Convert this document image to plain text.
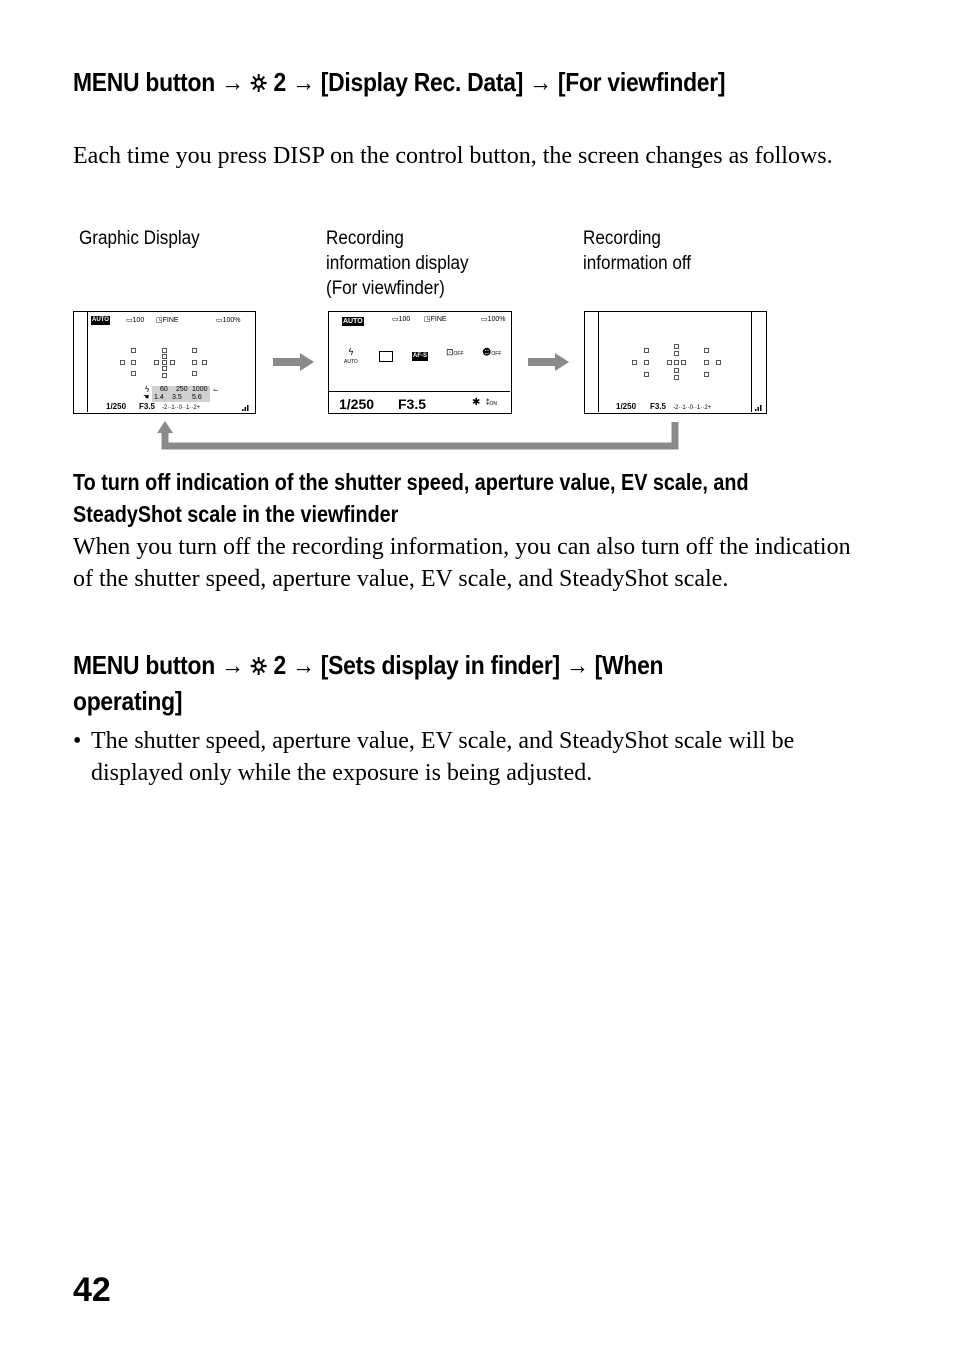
MENU button → 2 → [Display Rec. Data] → [For viewfinder]

Each time you press DISP on the control button, the screen changes as follows.

Graphic Display	Recording
information display
(For viewfinder)

Recording
information off

AUTO ▭100 ◳FINE	▭100%
60 250 1000
1.4 3.5 5.6
ϟ
☚
⌙
1/250 F3.5 -2··1··0··1··2+
AUTO	▭100 ◳FINE	▭100%
ϟ
AUTO
AF-S ⊡OFF ☻OFF
1/250 F3.5	✱ ⁑ON	1/250 F3.5 -2··1··0··1··2+

To turn off indication of the shutter speed, aperture value, EV scale, and
SteadyShot scale in the viewfinder

When you turn off the recording information, you can also turn off the indication of the shutter speed, aperture value, EV scale, and SteadyShot scale.

MENU button → 2 → [Sets display in finder] → [When
operating]

• The shutter speed, aperture value, EV scale, and SteadyShot scale will be displayed only while the exposure is being adjusted.

42
